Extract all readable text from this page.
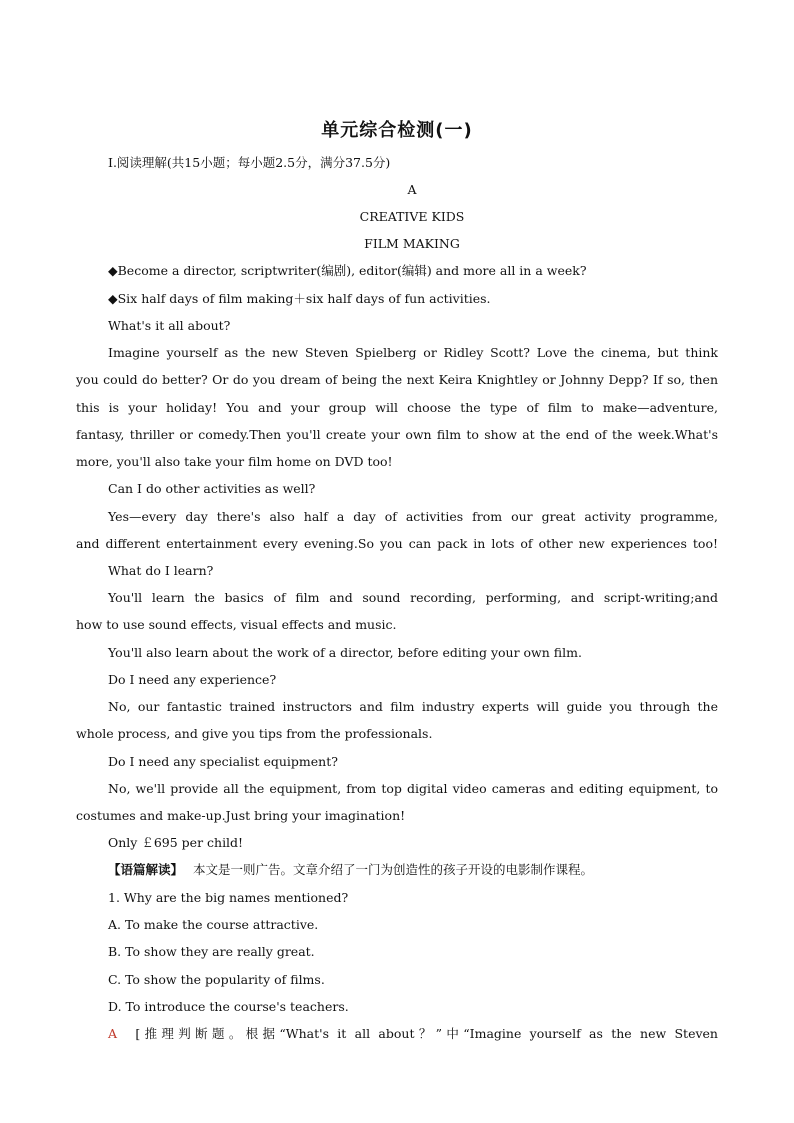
单元综合检测(一)
Ⅰ.阅读理解(共15小题；每小题2.5分，满分37.5分)
A
CREATIVE KIDS
FILM MAKING
◆Become a director, scriptwriter(编剧), editor(编辑) and more all in a week?
◆Six half days of film making＋six half days of fun activities.
What's it all about?
Imagine yourself as the new Steven Spielberg or Ridley Scott? Love the cinema, but think
you could do better? Or do you dream of being the next Keira Knightley or Johnny Depp? If so, then
this is your holiday! You and your group will choose the type of film to make—adventure,
fantasy, thriller or comedy.Then you'll create your own film to show at the end of the week.What's
more, you'll also take your film home on DVD too!
Can I do other activities as well?
Yes—every day there's also half a day of activities from our great activity programme,
and different entertainment every evening.So you can pack in lots of other new experiences too!
What do I learn?
You'll learn the basics of film and sound recording, performing, and script-writing;and
how to use sound effects, visual effects and music.
You'll also learn about the work of a director, before editing your own film.
Do I need any experience?
No, our fantastic trained instructors and film industry experts will guide you through the
whole process, and give you tips from the professionals.
Do I need any specialist equipment?
No, we'll provide all the equipment, from top digital video cameras and editing equipment, to
costumes and make-up.Just bring your imagination!
Only ￡695 per child!
【语篇解读】 本文是一则广告。文章介绍了一门为创造性的孩子开设的电影制作课程。
1. Why are the big names mentioned?
A. To make the course attractive.
B. To show they are really great.
C. To show the popularity of films.
D. To introduce the course's teachers.
A [推理判断题。根据“What's it all about？”中“Imagine yourself as the new Steven
